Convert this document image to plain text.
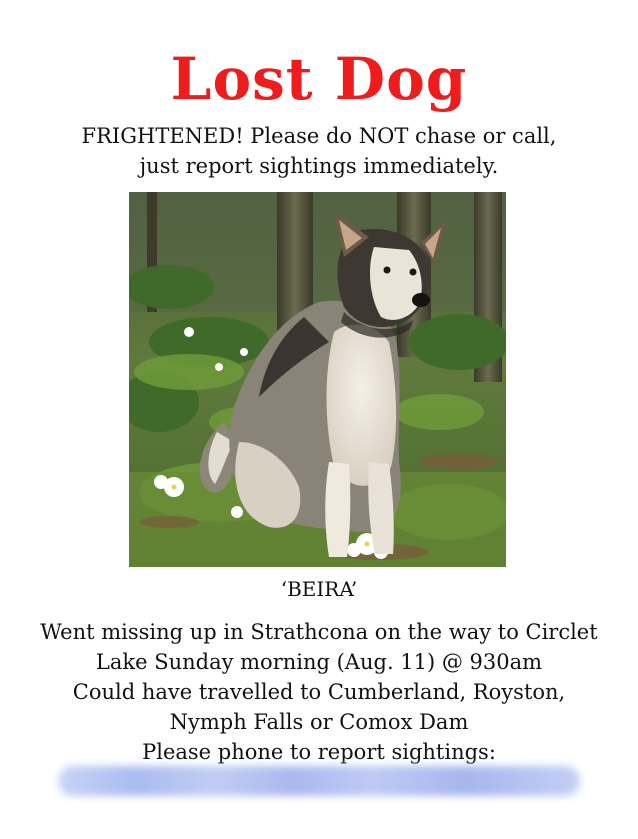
Lost Dog
FRIGHTENED! Please do NOT chase or call,
just report sightings immediately.
‘BEIRA’
Went missing up in Strathcona on the way to Circlet
Lake Sunday morning (Aug. 11) @ 930am
Could have travelled to Cumberland, Royston,
Nymph Falls or Comox Dam
Please phone to report sightings:
